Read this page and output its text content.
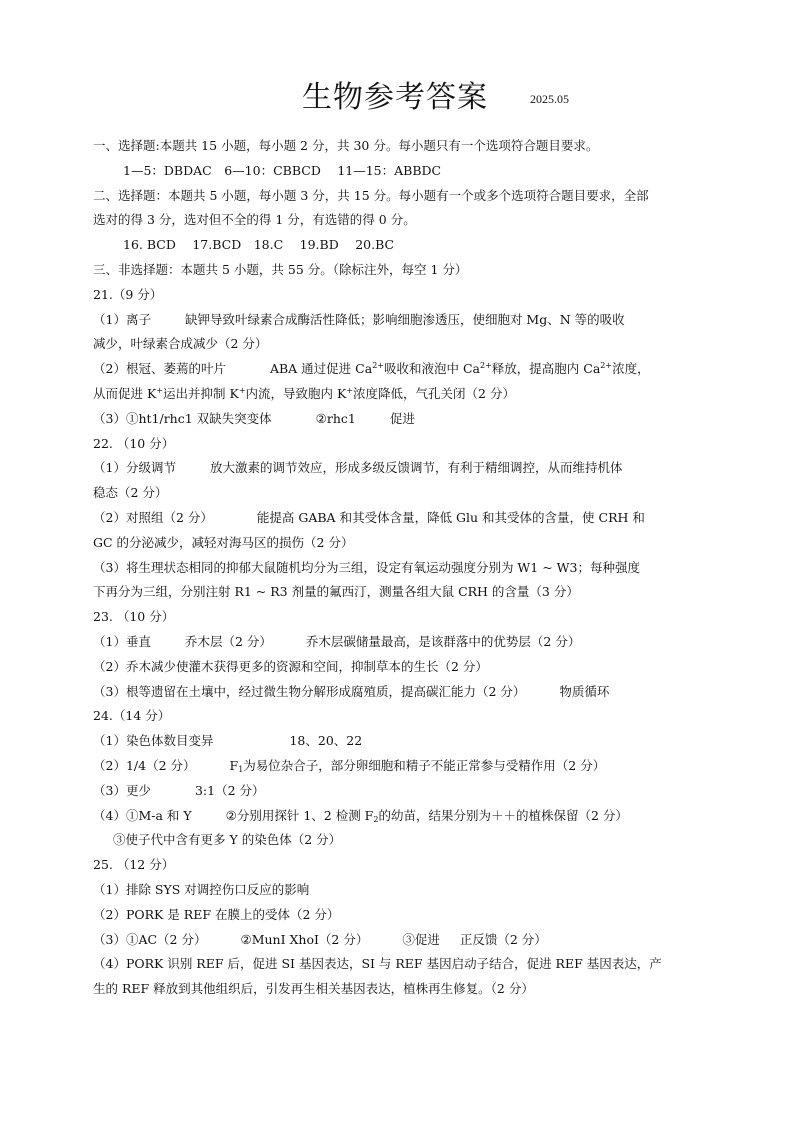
生物参考答案	2025.05
一、选择题:本题共 15 小题，每小题 2 分，共 30 分。每小题只有一个选项符合题目要求。
1—5：DBDAC　6—10：CBBCD　 11—15：ABBDC
二、选择题：本题共 5 小题，每小题 3 分，共 15 分。每小题有一个或多个选项符合题目要求，全部
选对的得 3 分，选对但不全的得 1 分，有选错的得 0 分。
16. BCD　 17.BCD　18.C　 19.BD　 20.BC
三、非选择题：本题共 5 小题，共 55 分。（除标注外，每空 1 分）
21.（9 分）
（1）离子	缺钾导致叶绿素合成酶活性降低；影响细胞渗透压，使细胞对 Mg、N 等的吸收
减少，叶绿素合成减少（2 分）
（2）根冠、萎蔫的叶片	ABA 通过促进 $Ca^{2+}$吸收和液泡中 $Ca^{2+}$释放，提高胞内 $Ca^{2+}$浓度，
从而促进 K+运出并抑制 K+内流，导致胞内 K+浓度降低，气孔关闭（2 分）
（3）①ht1/rhc1 双缺失突变体	②rhc1	促进
22. （10 分）
（1）分级调节	放大激素的调节效应，形成多级反馈调节，有利于精细调控，从而维持机体
稳态（2 分）
（2）对照组（2 分）	能提高 GABA 和其受体含量，降低 Glu 和其受体的含量，使 CRH 和
GC 的分泌减少，减轻对海马区的损伤（2 分）
（3）将生理状态相同的抑郁大鼠随机均分为三组，设定有氧运动强度分别为 W1 ~ W3；每种强度
下再分为三组，分别注射 R1 ~ R3 剂量的氟西汀，测量各组大鼠 CRH 的含量（3 分）
23. （10 分）
（1）垂直	乔木层（2 分）	乔木层碳储量最高，是该群落中的优势层（2 分）
（2）乔木减少使灌木获得更多的资源和空间，抑制草本的生长（2 分）
（3）根等遗留在土壤中，经过微生物分解形成腐殖质，提高碳汇能力（2 分）	物质循环
24.（14 分）
（1）染色体数目变异	18、20、22
（2）1/4（2 分）	$F_1$为易位杂合子，部分卵细胞和精子不能正常参与受精作用（2 分）
（3）更少	3:1（2 分）
（4）①M-a 和 Y	②分别用探针 1、2 检测 $F_2$的幼苗，结果分别为＋＋的植株保留（2 分）
③使子代中含有更多 Y 的染色体（2 分）
25. （12 分）
（1）排除 SYS 对调控伤口反应的影响
（2）PORK 是 REF 在膜上的受体（2 分）
（3）①AC（2 分）	②MunI XhoI（2 分）	③促进 正反馈（2 分）
（4）PORK 识别 REF 后，促进 SI 基因表达，SI 与 REF 基因启动子结合，促进 REF 基因表达，产
生的 REF 释放到其他组织后，引发再生相关基因表达，植株再生修复。（2 分）
